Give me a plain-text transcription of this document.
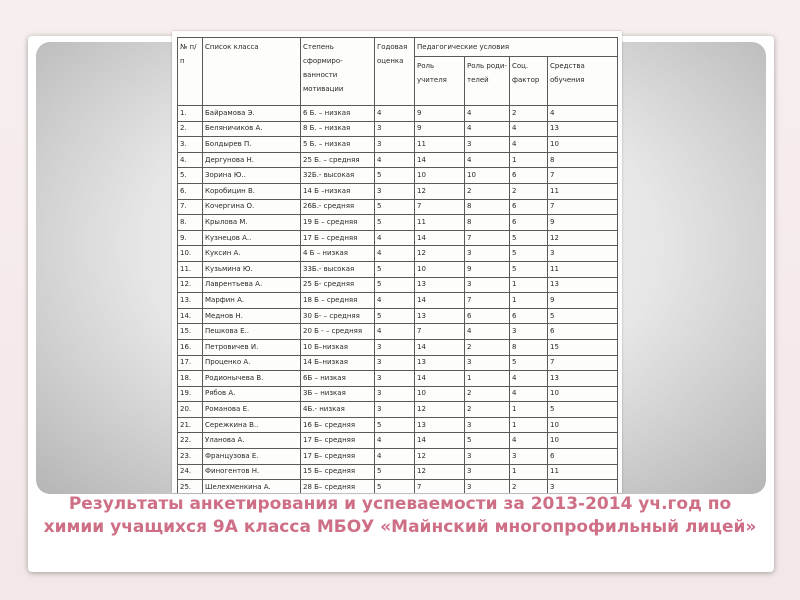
№ п/п	Список класса	Степень сформиро-ванности мотивации	Годовая оценка	Педагогические условия			
				Роль учителя	Роль роди-телей	Соц. фактор	Средства обучения
1.	Байрамова Э.	6 Б. – низкая	4	9	4	2	4
2.	Беляничиков А.	8 Б. – низкая	3	9	4	4	13
3.	Болдырев П.	5 Б. – низкая	3	11	3	4	10
4.	Дергунова Н.	25 Б. – средняя	4	14	4	1	8
5.	Зорина Ю..	32Б.- высокая	5	10	10	6	7
6.	Коробицин В.	14 Б –низкая	3	12	2	2	11
7.	Кочергина О.	26Б.- средняя	5	7	8	6	7
8.	Крылова М.	19 Б – средняя	5	11	8	6	9
9.	Кузнецов А..	17 Б – средняя	4	14	7	5	12
10.	Куксин А.	4 Б – низкая	4	12	3	5	3
11.	Кузьмина Ю.	33Б.- высокая	5	10	9	5	11
12.	Лаврентьева А.	25 Б- средняя	5	13	3	1	13
13.	Марфин А.	18 Б – средняя	4	14	7	1	9
14.	Меднов Н.	30 Б- – средняя	5	13	6	6	5
15.	Пешкова Е..	20 Б - – средняя	4	7	4	3	6
16.	Петровичев И.	10 Б–низкая	3	14	2	8	15
17.	Проценко А.	14 Б–низкая	3	13	3	5	7
18.	Родионычева В.	6Б – низкая	3	14	1	4	13
19.	Рябов А.	3Б – низкая	3	10	2	4	10
20.	Романова Е.	4Б.- низкая	3	12	2	1	5
21.	Сережкина В..	16 Б– средняя	5	13	3	1	10
22.	Уланова А.	17 Б– средняя	4	14	5	4	10
23.	Французова Е.	17 Б– средняя	4	12	3	3	6
24.	Финогентов Н.	15 Б– средняя	5	12	3	1	11
25.	Шелехменкина А.	28 Б– средняя	5	7	3	2	3

Результаты анкетирования и успеваемости за 2013-2014 уч.год по химии учащихся 9А класса МБОУ «Майнский многопрофильный лицей»
